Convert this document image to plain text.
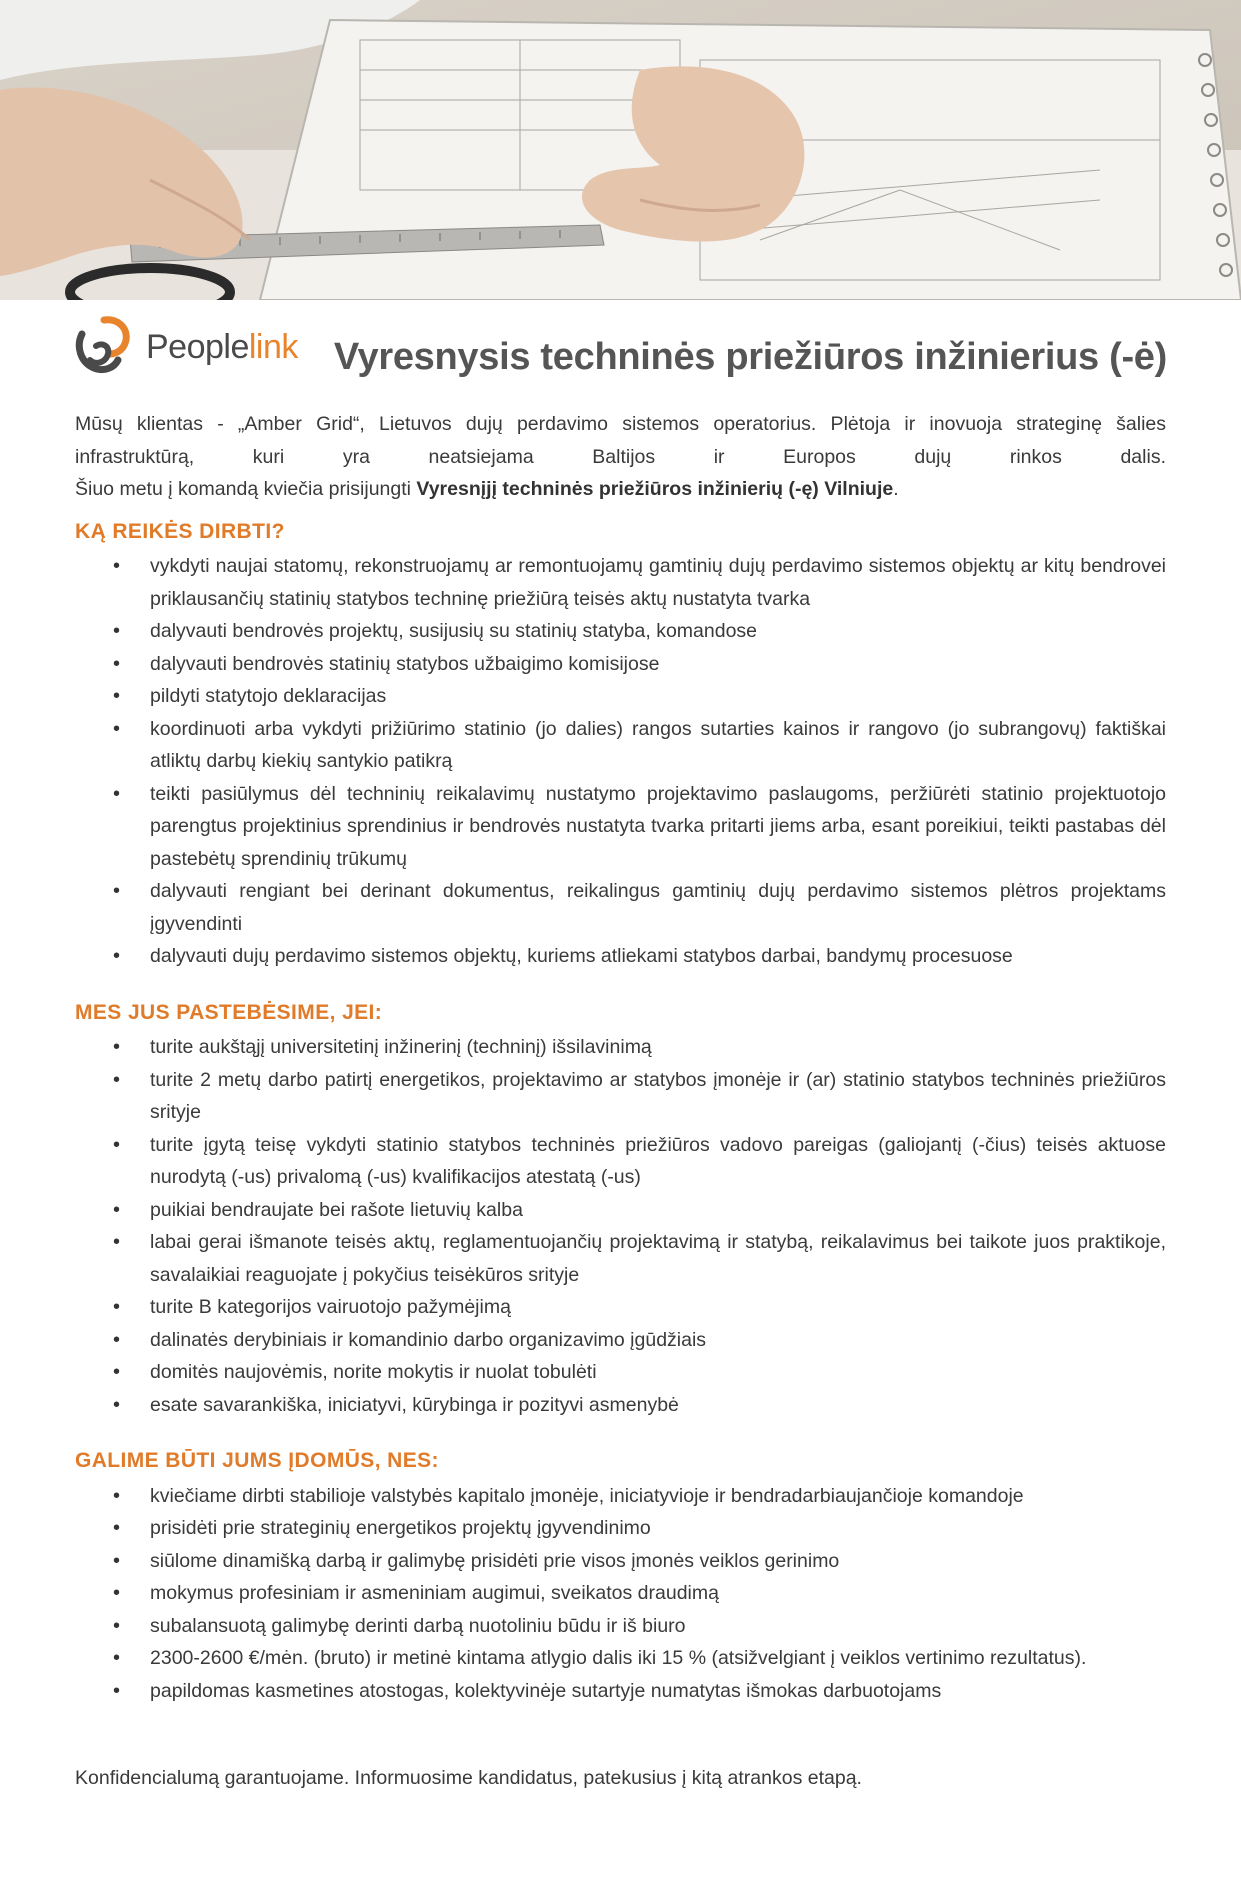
Peoplelink Vyresnysis techninės priežiūros inžinierius (-ė)

Mūsų klientas - „Amber Grid“, Lietuvos dujų perdavimo sistemos operatorius. Plėtoja ir inovuoja strateginę šalies

infrastruktūrą, kuri yra neatsiejama Baltijos ir Europos dujų rinkos dalis.

Šiuo metu į komandą kviečia prisijungti Vyresnįjį techninės priežiūros inžinierių (-ę) Vilniuje.

KĄ REIKĖS DIRBTI?
• vykdyti naujai statomų, rekonstruojamų ar remontuojamų gamtinių dujų perdavimo sistemos objektų ar kitų bendrovei priklausančių statinių statybos techninę priežiūrą teisės aktų nustatyta tvarka
• dalyvauti bendrovės projektų, susijusių su statinių statyba, komandose
• dalyvauti bendrovės statinių statybos užbaigimo komisijose
• pildyti statytojo deklaracijas
• koordinuoti arba vykdyti prižiūrimo statinio (jo dalies) rangos sutarties kainos ir rangovo (jo subrangovų) faktiškai atliktų darbų kiekių santykio patikrą
• teikti pasiūlymus dėl techninių reikalavimų nustatymo projektavimo paslaugoms, peržiūrėti statinio projektuotojo parengtus projektinius sprendinius ir bendrovės nustatyta tvarka pritarti jiems arba, esant poreikiui, teikti pastabas dėl pastebėtų sprendinių trūkumų
• dalyvauti rengiant bei derinant dokumentus, reikalingus gamtinių dujų perdavimo sistemos plėtros projektams įgyvendinti
• dalyvauti dujų perdavimo sistemos objektų, kuriems atliekami statybos darbai, bandymų procesuose
MES JUS PASTEBĖSIME, JEI:
• turite aukštąjį universitetinį inžinerinį (techninį) išsilavinimą
• turite 2 metų darbo patirtį energetikos, projektavimo ar statybos įmonėje ir (ar) statinio statybos techninės priežiūros srityje
• turite įgytą teisę vykdyti statinio statybos techninės priežiūros vadovo pareigas (galiojantį (-čius) teisės aktuose nurodytą (-us) privalomą (-us) kvalifikacijos atestatą (-us)
• puikiai bendraujate bei rašote lietuvių kalba
• labai gerai išmanote teisės aktų, reglamentuojančių projektavimą ir statybą, reikalavimus bei taikote juos praktikoje, savalaikiai reaguojate į pokyčius teisėkūros srityje
• turite B kategorijos vairuotojo pažymėjimą
• dalinatės derybiniais ir komandinio darbo organizavimo įgūdžiais
• domitės naujovėmis, norite mokytis ir nuolat tobulėti
• esate savarankiška, iniciatyvi, kūrybinga ir pozityvi asmenybė
GALIME BŪTI JUMS ĮDOMŪS, NES:
• kviečiame dirbti stabilioje valstybės kapitalo įmonėje, iniciatyvioje ir bendradarbiaujančioje komandoje
• prisidėti prie strateginių energetikos projektų įgyvendinimo
• siūlome dinamišką darbą ir galimybę prisidėti prie visos įmonės veiklos gerinimo
• mokymus profesiniam ir asmeniniam augimui, sveikatos draudimą
• subalansuotą galimybę derinti darbą nuotoliniu būdu ir iš biuro
• 2300-2600 €/mėn. (bruto) ir metinė kintama atlygio dalis iki 15 % (atsižvelgiant į veiklos vertinimo rezultatus).
• papildomas kasmetines atostogas, kolektyvinėje sutartyje numatytas išmokas darbuotojams

Konfidencialumą garantuojame. Informuosime kandidatus, patekusius į kitą atrankos etapą.
